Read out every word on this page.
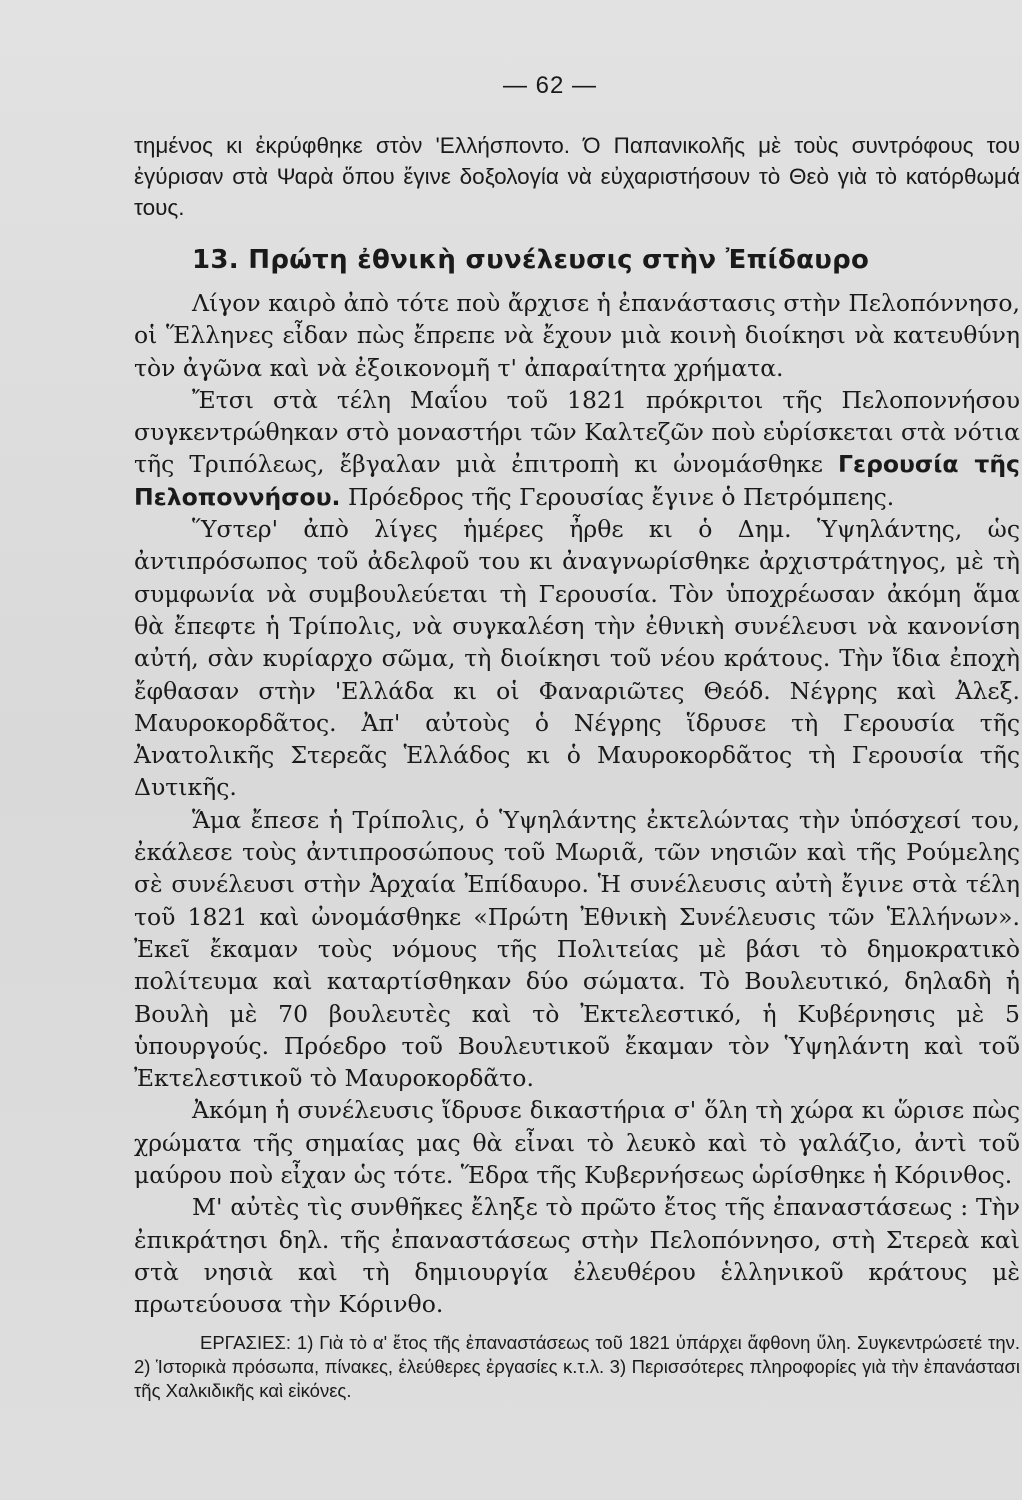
— 62 —

τημένος κι ἐκρύφθηκε στὸν 'Ελλήσποντο. Ό Παπανικολῆς μὲ τοὺς συντρόφους του ἐγύρισαν στὰ Ψαρὰ ὅπου ἔγινε δοξολογία νὰ εὐχαριστήσουν τὸ Θεὸ γιὰ τὸ κατόρθωμά τους.

13. Πρώτη ἐθνικὴ συνέλευσις στὴν Ἐπίδαυρο

Λίγον καιρὸ ἀπὸ τότε ποὺ ἄρχισε ἡ ἐπανάστασις στὴν Πελοπόννησο, οἱ Ἕλληνες εἶδαν πὼς ἔπρεπε νὰ ἔχουν μιὰ κοινὴ διοίκησι νὰ κατευθύνη τὸν ἀγῶνα καὶ νὰ ἐξοικονομῆ τ' ἀπαραίτητα χρήματα.

Ἔτσι στὰ τέλη Μαΐου τοῦ 1821 πρόκριτοι τῆς Πελοποννήσου συγκεντρώθηκαν στὸ μοναστήρι τῶν Καλτεζῶν ποὺ εὑρίσκεται στὰ νότια τῆς Τριπόλεως, ἔβγαλαν μιὰ ἐπιτροπὴ κι ὠνομάσθηκε Γερουσία τῆς Πελοποννήσου. Πρόεδρος τῆς Γερουσίας ἔγινε ὁ Πετρόμπεης.

Ὕστερ' ἀπὸ λίγες ἡμέρες ἦρθε κι ὁ Δημ. Ὑψηλάντης, ὡς ἀντιπρόσωπος τοῦ ἀδελφοῦ του κι ἀναγνωρίσθηκε ἀρχιστράτηγος, μὲ τὴ συμφωνία νὰ συμβουλεύεται τὴ Γερουσία. Τὸν ὑποχρέωσαν ἀκόμη ἅμα θὰ ἔπεφτε ἡ Τρίπολις, νὰ συγκαλέση τὴν ἐθνικὴ συνέλευσι νὰ κανονίση αὐτή, σὰν κυρίαρχο σῶμα, τὴ διοίκησι τοῦ νέου κράτους. Τὴν ἴδια ἐποχὴ ἔφθασαν στὴν 'Ελλάδα κι οἱ Φαναριῶτες Θεόδ. Νέγρης καὶ Ἀλεξ. Μαυροκορδᾶτος. Ἀπ' αὐτοὺς ὁ Νέγρης ἵδρυσε τὴ Γερουσία τῆς Ἀνατολικῆς Στερεᾶς Ἑλλάδος κι ὁ Μαυροκορδᾶτος τὴ Γερουσία τῆς Δυτικῆς.

Ἅμα ἔπεσε ἡ Τρίπολις, ὁ Ὑψηλάντης ἐκτελώντας τὴν ὑπόσχεσί του, ἐκάλεσε τοὺς ἀντιπροσώπους τοῦ Μωριᾶ, τῶν νησιῶν καὶ τῆς Ρούμελης σὲ συνέλευσι στὴν Ἀρχαία Ἐπίδαυρο. Ἡ συνέλευσις αὐτὴ ἔγινε στὰ τέλη τοῦ 1821 καὶ ὠνομάσθηκε «Πρώτη Ἐθνικὴ Συνέλευσις τῶν Ἑλλήνων». Ἐκεῖ ἔκαμαν τοὺς νόμους τῆς Πολιτείας μὲ βάσι τὸ δημοκρατικὸ πολίτευμα καὶ καταρτίσθηκαν δύο σώματα. Τὸ Βουλευτικό, δηλαδὴ ἡ Βουλὴ μὲ 70 βουλευτὲς καὶ τὸ Ἐκτελεστικό, ἡ Κυβέρνησις μὲ 5 ὑπουργούς. Πρόεδρο τοῦ Βουλευτικοῦ ἔκαμαν τὸν Ὑψηλάντη καὶ τοῦ Ἐκτελεστικοῦ τὸ Μαυροκορδᾶτο.

Ἀκόμη ἡ συνέλευσις ἵδρυσε δικαστήρια σ' ὅλη τὴ χώρα κι ὥρισε πὼς χρώματα τῆς σημαίας μας θὰ εἶναι τὸ λευκὸ καὶ τὸ γαλάζιο, ἀντὶ τοῦ μαύρου ποὺ εἶχαν ὡς τότε. Ἕδρα τῆς Κυβερνήσεως ὡρίσθηκε ἡ Κόρινθος.

Μ' αὐτὲς τὶς συνθῆκες ἔληξε τὸ πρῶτο ἔτος τῆς ἐπαναστάσεως : Τὴν ἐπικράτησι δηλ. τῆς ἐπαναστάσεως στὴν Πελοπόννησο, στὴ Στερεὰ καὶ στὰ νησιὰ καὶ τὴ δημιουργία ἐλευθέρου ἑλληνικοῦ κράτους μὲ πρωτεύουσα τὴν Κόρινθο.

ΕΡΓΑΣΙΕΣ: 1) Γιὰ τὸ α' ἔτος τῆς ἐπαναστάσεως τοῦ 1821 ὑπάρχει ἄφθονη ὕλη. Συγκεντρώσετέ την. 2) Ἱστορικὰ πρόσωπα, πίνακες, ἐλεύθερες ἐργασίες κ.τ.λ. 3) Περισσότερες πληροφορίες γιὰ τὴν ἐπανάστασι τῆς Χαλκιδικῆς καὶ εἰκόνες.
